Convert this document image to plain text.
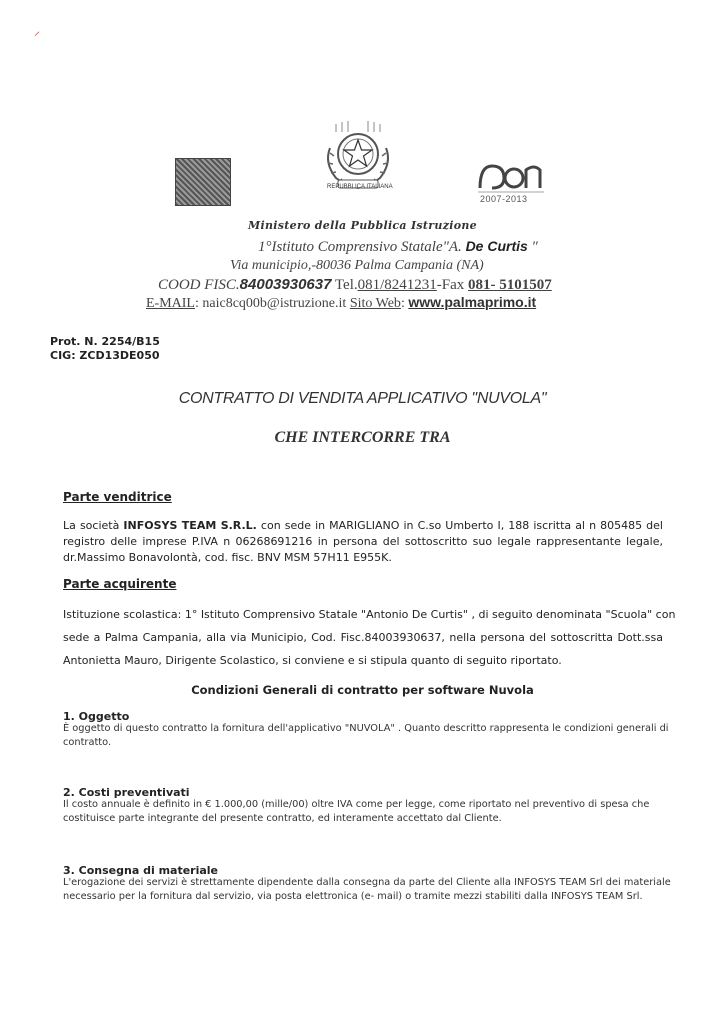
⸝
REPUBBLICA ITALIANA
2007-2013
Ministero della Pubblica Istruzione
1°Istituto Comprensivo Statale"A. De Curtis "
Via municipio,-80036 Palma Campania (NA)
COOD FISC.84003930637 Tel.081/8241231-Fax 081- 5101507
E-MAIL: naic8cq00b@istruzione.it Sito Web: www.palmaprimo.it
Prot. N. 2254/B15
CIG: ZCD13DE050
CONTRATTO DI VENDITA APPLICATIVO "NUVOLA"
CHE INTERCORRE TRA
Parte venditrice
La società INFOSYS TEAM S.R.L. con sede in MARIGLIANO in C.so Umberto I, 188 iscritta al n 805485 del
registro delle imprese P.IVA n 06268691216 in persona del sottoscritto suo legale rappresentante legale,
dr.Massimo Bonavolontà, cod. fisc. BNV MSM 57H11 E955K.
Parte acquirente
Istituzione scolastica: 1° Istituto Comprensivo Statale "Antonio De Curtis" , di seguito denominata "Scuola" con
sede a Palma Campania, alla via Municipio, Cod. Fisc.84003930637, nella persona del sottoscritta Dott.ssa
Antonietta Mauro, Dirigente Scolastico, si conviene e si stipula quanto di seguito riportato.
Condizioni Generali di contratto per software Nuvola
1. Oggetto
È oggetto di questo contratto la fornitura dell'applicativo "NUVOLA" . Quanto descritto rappresenta le condizioni generali di
contratto.
2. Costi preventivati
Il costo annuale è definito in € 1.000,00 (mille/00) oltre IVA come per legge, come riportato nel preventivo di spesa che
costituisce parte integrante del presente contratto, ed interamente accettato dal Cliente.
3. Consegna di materiale
L'erogazione dei servizi è strettamente dipendente dalla consegna da parte del Cliente alla INFOSYS TEAM Srl dei materiale
necessario per la fornitura dal servizio, via posta elettronica (e- mail) o tramite mezzi stabiliti dalla INFOSYS TEAM Srl.
